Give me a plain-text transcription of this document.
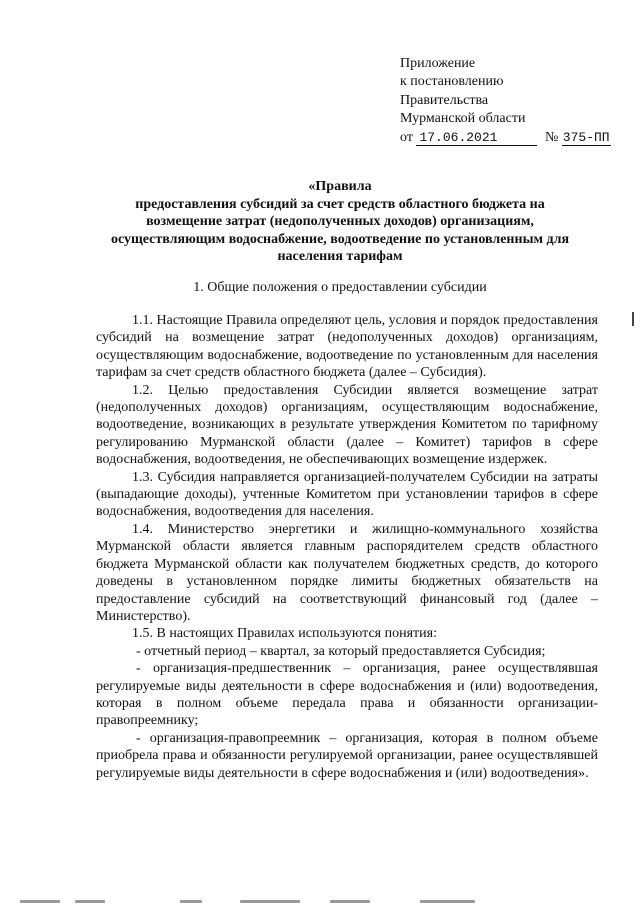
Приложение
к постановлению
Правительства
Мурманской области
от 17.06.2021	№ 375-ПП
«Правила
предоставления субсидий за счет средств областного бюджета на
возмещение затрат (недополученных доходов) организациям,
осуществляющим водоснабжение, водоотведение по установленным для
населения тарифам
1. Общие положения о предоставлении субсидии

1.1. Настоящие Правила определяют цель, условия и порядок предоставления субсидий на возмещение затрат (недополученных доходов) организациям, осуществляющим водоснабжение, водоотведение по установленным для населения тарифам за счет средств областного бюджета (далее – Субсидия).

1.2. Целью предоставления Субсидии является возмещение затрат (недополученных доходов) организациям, осуществляющим водоснабжение, водоотведение, возникающих в результате утверждения Комитетом по тарифному регулированию Мурманской области (далее – Комитет) тарифов в сфере водоснабжения, водоотведения, не обеспечивающих возмещение издержек.

1.3. Субсидия направляется организацией-получателем Субсидии на затраты (выпадающие доходы), учтенные Комитетом при установлении тарифов в сфере водоснабжения, водоотведения для населения.

1.4. Министерство энергетики и жилищно-коммунального хозяйства Мурманской области является главным распорядителем средств областного бюджета Мурманской области как получателем бюджетных средств, до которого доведены в установленном порядке лимиты бюджетных обязательств на предоставление субсидий на соответствующий финансовый год (далее – Министерство).

1.5. В настоящих Правилах используются понятия:

- отчетный период – квартал, за который предоставляется Субсидия;

- организация-предшественник – организация, ранее осуществлявшая регулируемые виды деятельности в сфере водоснабжения и (или) водоотведения, которая в полном объеме передала права и обязанности организации-правопреемнику;

- организация-правопреемник – организация, которая в полном объеме приобрела права и обязанности регулируемой организации, ранее осуществлявшей регулируемые виды деятельности в сфере водоснабжения и (или) водоотведения».
